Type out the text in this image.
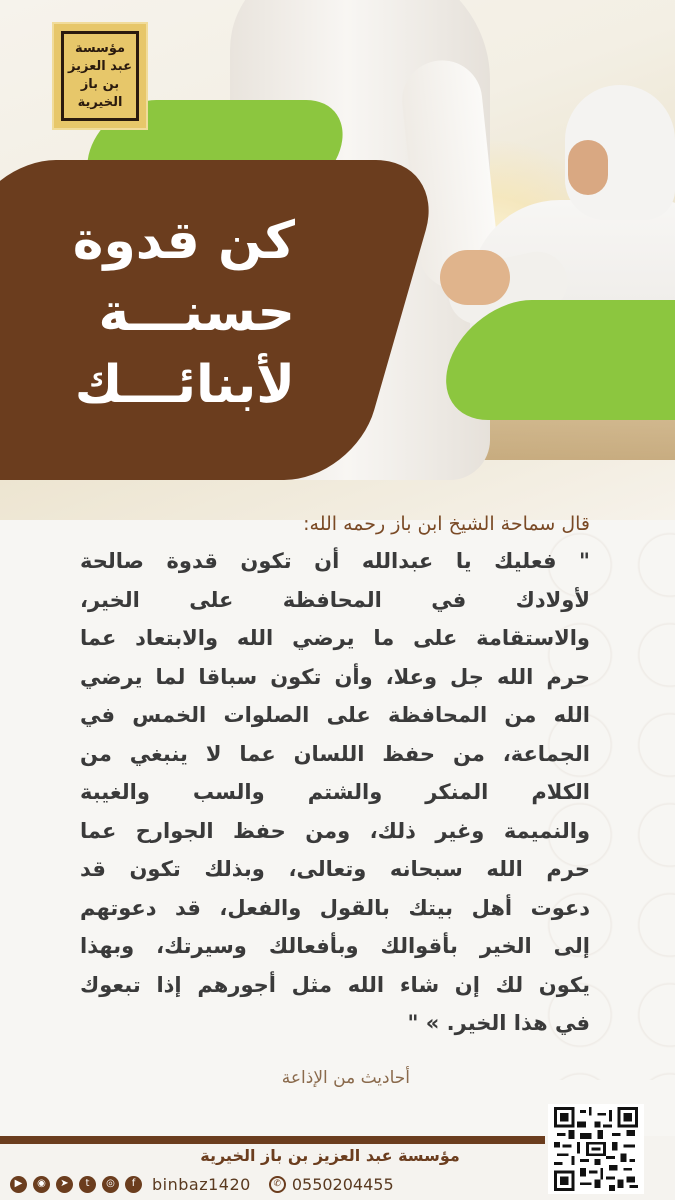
مؤسسة
عبد العزيز
بن باز
الخيرية
كن قدوة
حسنـــة
لأبنائـــك
قال سماحة الشيخ ابن باز رحمه الله:
" فعليك يا عبدالله أن تكون قدوة صالحة
لأولادك في المحافظة على الخير،
والاستقامة على ما يرضي الله والابتعاد عما
حرم الله جل وعلا، وأن تكون سباقا لما يرضي
الله من المحافظة على الصلوات الخمس في
الجماعة، من حفظ اللسان عما لا ينبغي من
الكلام المنكر والشتم والسب والغيبة
والنميمة وغير ذلك، ومن حفظ الجوارح عما
حرم الله سبحانه وتعالى، وبذلك تكون قد
دعوت أهل بيتك بالقول والفعل، قد دعوتهم
إلى الخير بأقوالك وبأفعالك وسيرتك، وبهذا
يكون لك إن شاء الله مثل أجورهم إذا تبعوك
في هذا الخير. » "
أحاديث من الإذاعة
مؤسسة عبد العزيز بن باز الخيرية
▶	◉	➤	t	◎	f	binbaz1420	✆ 0550204455
